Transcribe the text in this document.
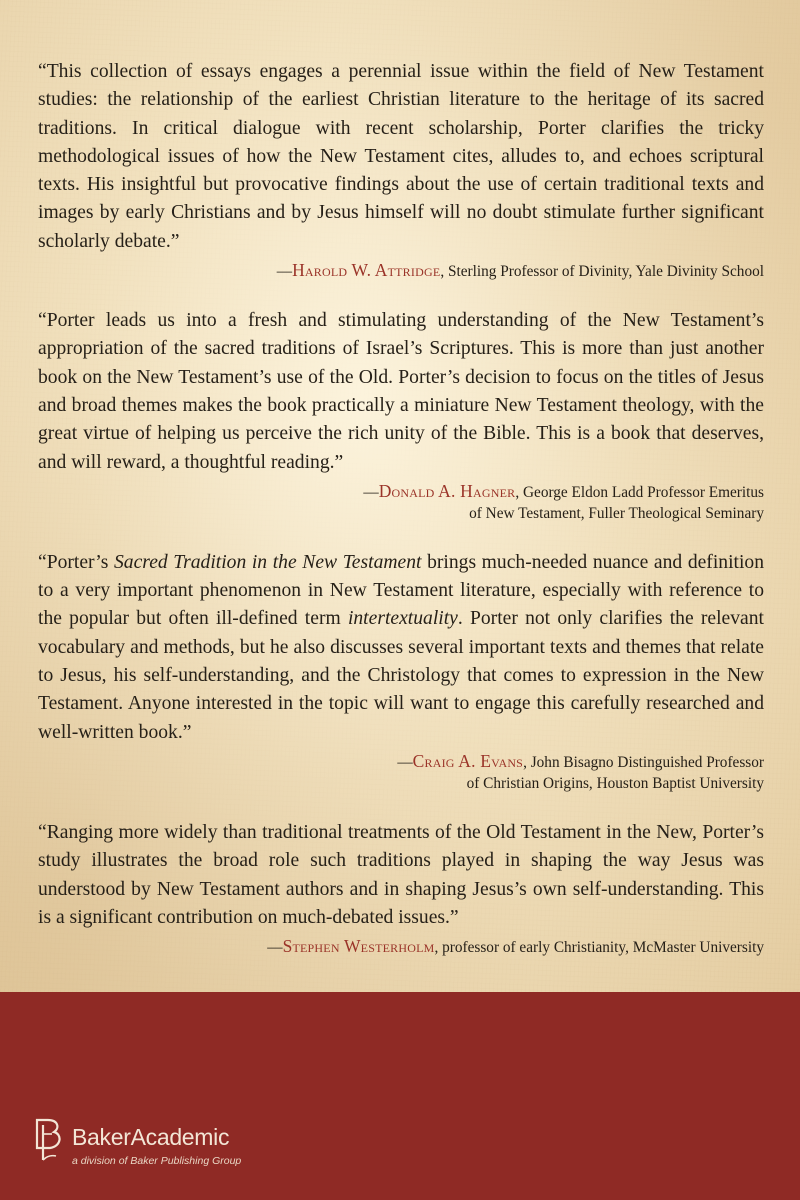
“This collection of essays engages a perennial issue within the field of New Testament studies: the relationship of the earliest Christian literature to the heritage of its sacred traditions. In critical dialogue with recent scholarship, Porter clarifies the tricky methodological issues of how the New Testament cites, alludes to, and echoes scriptural texts. His insightful but provocative findings about the use of certain traditional texts and images by early Christians and by Jesus himself will no doubt stimulate further significant scholarly debate.”

—Harold W. Attridge, Sterling Professor of Divinity, Yale Divinity School

“Porter leads us into a fresh and stimulating understanding of the New Testament’s appropriation of the sacred traditions of Israel’s Scriptures. This is more than just another book on the New Testament’s use of the Old. Porter’s decision to focus on the titles of Jesus and broad themes makes the book practically a miniature New Testament theology, with the great virtue of helping us perceive the rich unity of the Bible. This is a book that deserves, and will reward, a thoughtful reading.”

—Donald A. Hagner, George Eldon Ladd Professor Emeritus
of New Testament, Fuller Theological Seminary

“Porter’s Sacred Tradition in the New Testament brings much-needed nuance and definition to a very important phenomenon in New Testament literature, especially with reference to the popular but often ill-defined term intertextuality. Porter not only clarifies the relevant vocabulary and methods, but he also discusses several important texts and themes that relate to Jesus, his self-understanding, and the Christology that comes to expression in the New Testament. Anyone interested in the topic will want to engage this carefully researched and well-written book.”

—Craig A. Evans, John Bisagno Distinguished Professor
of Christian Origins, Houston Baptist University

“Ranging more widely than traditional treatments of the Old Testament in the New, Porter’s study illustrates the broad role such traditions played in shaping the way Jesus was understood by New Testament authors and in shaping Jesus’s own self-understanding. This is a significant contribution on much-debated issues.”

—Stephen Westerholm, professor of early Christianity, McMaster University

BakerAcademic
a division of Baker Publishing Group
